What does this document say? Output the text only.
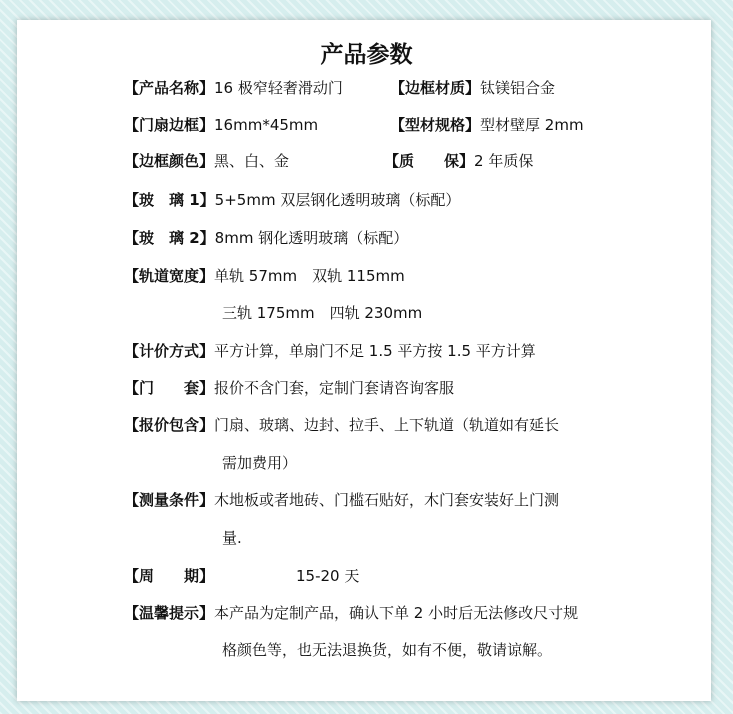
产品参数
【产品名称】16 极窄轻奢滑动门	【边框材质】钛镁铝合金
【门扇边框】16mm*45mm	【型材规格】型材壁厚 2mm
【边框颜色】黑、白、金	【质　　保】2 年质保
【玻　璃 1】5+5mm 双层钢化透明玻璃（标配）
【玻　璃 2】8mm 钢化透明玻璃（标配）
【轨道宽度】单轨 57mm　双轨 115mm
三轨 175mm　四轨 230mm
【计价方式】平方计算，单扇门不足 1.5 平方按 1.5 平方计算
【门　　套】报价不含门套，定制门套请咨询客服
【报价包含】门扇、玻璃、边封、拉手、上下轨道（轨道如有延长
需加费用）
【测量条件】木地板或者地砖、门槛石贴好，木门套安装好上门测
量.
【周　　期】	15-20 天
【温馨提示】本产品为定制产品，确认下单 2 小时后无法修改尺寸规
格颜色等，也无法退换货，如有不便，敬请谅解。
